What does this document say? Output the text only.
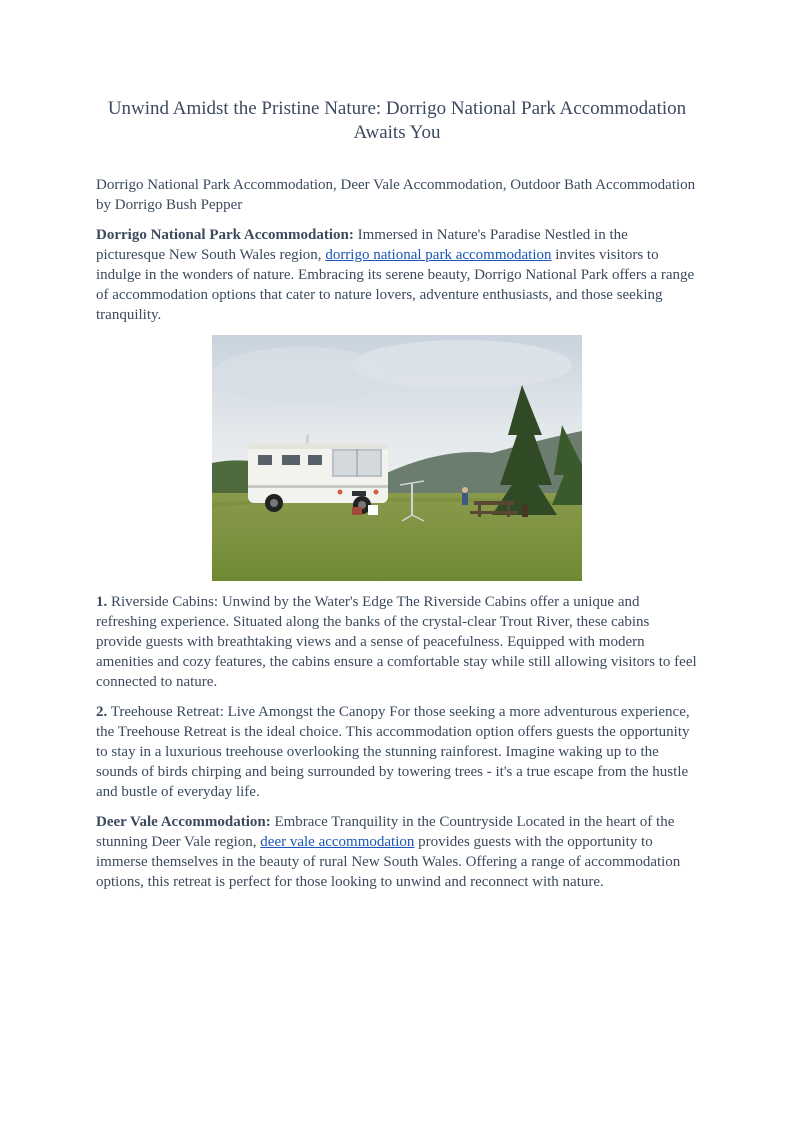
Unwind Amidst the Pristine Nature: Dorrigo National Park Accommodation Awaits You

Dorrigo National Park Accommodation, Deer Vale Accommodation, Outdoor Bath Accommodation by Dorrigo Bush Pepper

Dorrigo National Park Accommodation: Immersed in Nature's Paradise Nestled in the picturesque New South Wales region, dorrigo national park accommodation invites visitors to indulge in the wonders of nature. Embracing its serene beauty, Dorrigo National Park offers a range of accommodation options that cater to nature lovers, adventure enthusiasts, and those seeking tranquility.

1. Riverside Cabins: Unwind by the Water's Edge The Riverside Cabins offer a unique and refreshing experience. Situated along the banks of the crystal-clear Trout River, these cabins provide guests with breathtaking views and a sense of peacefulness. Equipped with modern amenities and cozy features, the cabins ensure a comfortable stay while still allowing visitors to feel connected to nature.

2. Treehouse Retreat: Live Amongst the Canopy For those seeking a more adventurous experience, the Treehouse Retreat is the ideal choice. This accommodation option offers guests the opportunity to stay in a luxurious treehouse overlooking the stunning rainforest. Imagine waking up to the sounds of birds chirping and being surrounded by towering trees - it's a true escape from the hustle and bustle of everyday life.

Deer Vale Accommodation: Embrace Tranquility in the Countryside Located in the heart of the stunning Deer Vale region, deer vale accommodation provides guests with the opportunity to immerse themselves in the beauty of rural New South Wales. Offering a range of accommodation options, this retreat is perfect for those looking to unwind and reconnect with nature.
